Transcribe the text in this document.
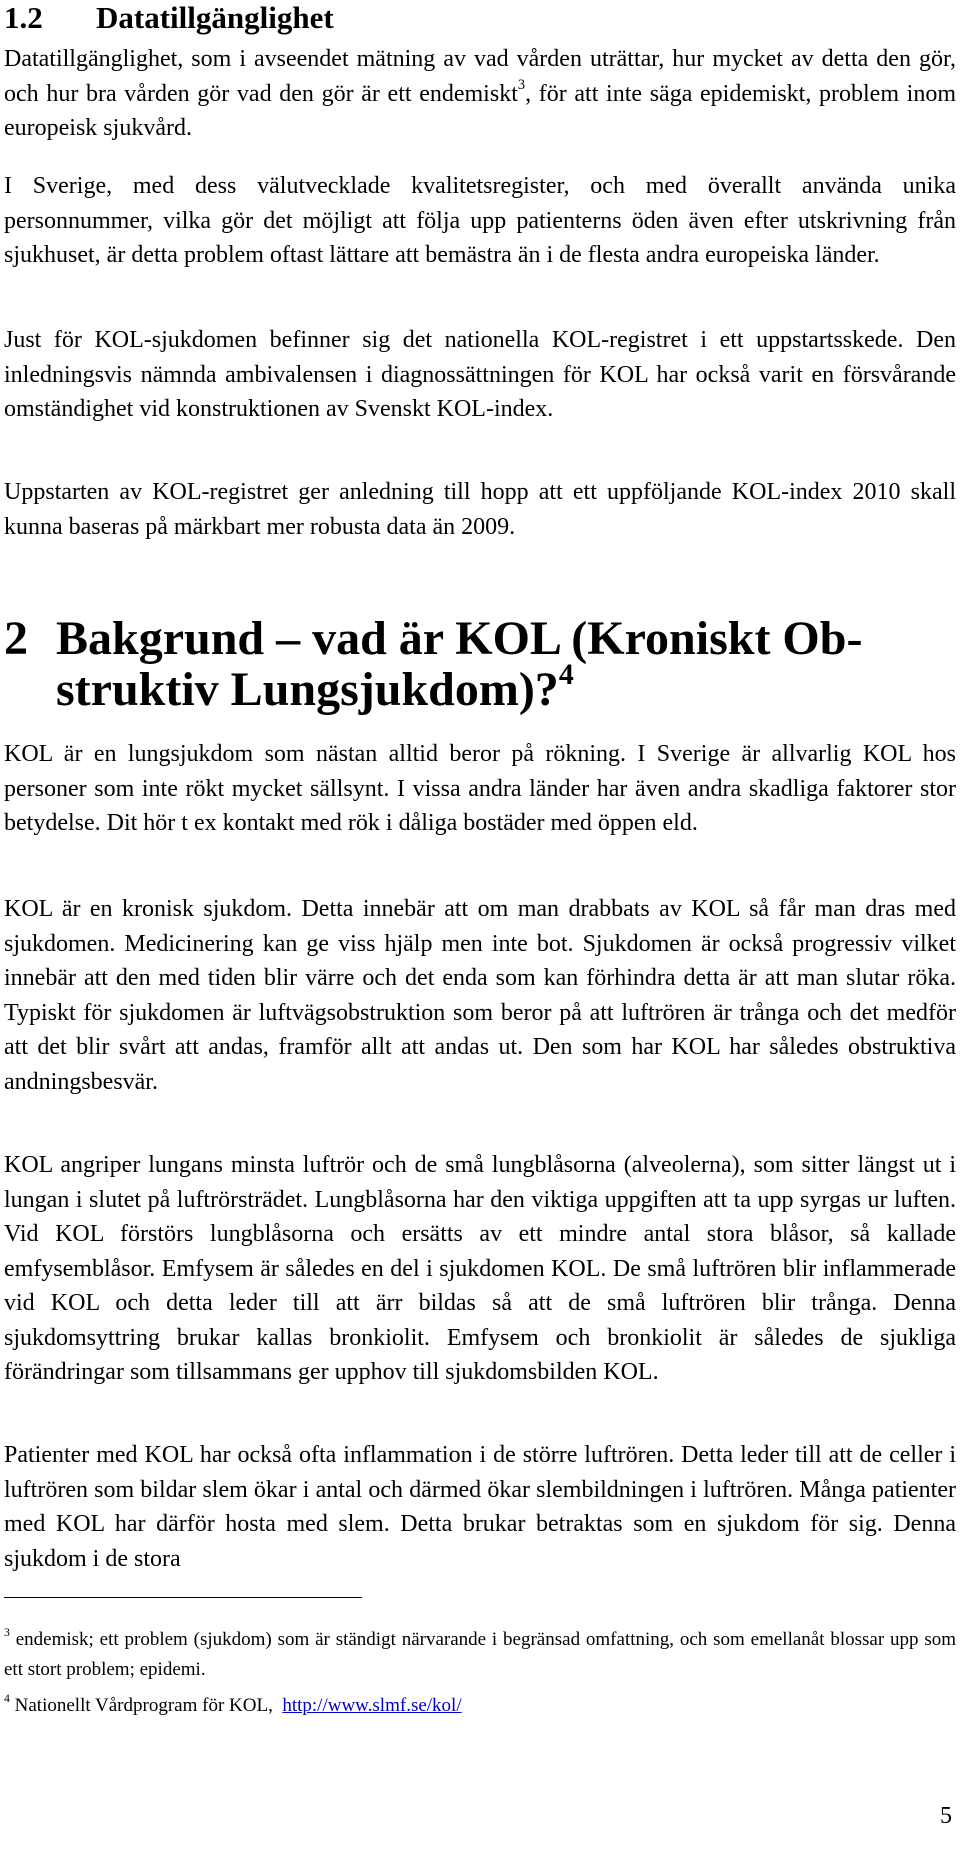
1.2 Datatillgänglighet

Datatillgänglighet, som i avseendet mätning av vad vården uträttar, hur mycket av detta den gör, och hur bra vården gör vad den gör är ett endemiskt$^3$, för att inte säga epidemiskt, problem inom europeisk sjukvård.

I Sverige, med dess välutvecklade kvalitetsregister, och med överallt använda unika personnummer, vilka gör det möjligt att följa upp patienterns öden även efter utskrivning från sjukhuset, är detta problem oftast lättare att bemästra än i de flesta andra europeiska länder.

Just för KOL-sjukdomen befinner sig det nationella KOL-registret i ett uppstartsskede. Den inledningsvis nämnda ambivalensen i diagnossättningen för KOL har också varit en försvårande omständighet vid konstruktionen av Svenskt KOL-index.

Uppstarten av KOL-registret ger anledning till hopp att ett uppföljande KOL-index 2010 skall kunna baseras på märkbart mer robusta data än 2009.

2 Bakgrund – vad är KOL (Kroniskt Ob-
struktiv Lungsjukdom)?$^4$

KOL är en lungsjukdom som nästan alltid beror på rökning. I Sverige är allvarlig KOL hos personer som inte rökt mycket sällsynt. I vissa andra länder har även andra skadliga faktorer stor betydelse. Dit hör t ex kontakt med rök i dåliga bostäder med öppen eld.

KOL är en kronisk sjukdom. Detta innebär att om man drabbats av KOL så får man dras med sjukdomen. Medicinering kan ge viss hjälp men inte bot. Sjukdomen är också progressiv vilket innebär att den med tiden blir värre och det enda som kan förhindra detta är att man slutar röka. Typiskt för sjukdomen är luftvägsobstruktion som beror på att luftrören är trånga och det medför att det blir svårt att andas, framför allt att andas ut. Den som har KOL har således obstruktiva andningsbesvär.

KOL angriper lungans minsta luftrör och de små lungblåsorna (alveolerna), som sitter längst ut i lungan i slutet på luftrörsträdet. Lungblåsorna har den viktiga uppgiften att ta upp syrgas ur luften. Vid KOL förstörs lungblåsorna och ersätts av ett mindre antal stora blåsor, så kallade emfysemblåsor. Emfysem är således en del i sjukdomen KOL. De små luftrören blir inflammerade vid KOL och detta leder till att ärr bildas så att de små luftrören blir trånga. Denna sjukdomsyttring brukar kallas bronkiolit. Emfysem och bronkiolit är således de sjukliga förändringar som tillsammans ger upphov till sjukdomsbilden KOL.

Patienter med KOL har också ofta inflammation i de större luftrören. Detta leder till att de celler i luftrören som bildar slem ökar i antal och därmed ökar slembildningen i luftrören. Många patienter med KOL har därför hosta med slem. Detta brukar betraktas som en sjukdom för sig. Denna sjukdom i de stora

$^3$ endemisk; ett problem (sjukdom) som är ständigt närvarande i begränsad omfattning, och som emellanåt blossar upp som ett stort problem; epidemi.

$^4$ Nationellt Vårdprogram för KOL, http://www.slmf.se/kol/

5
